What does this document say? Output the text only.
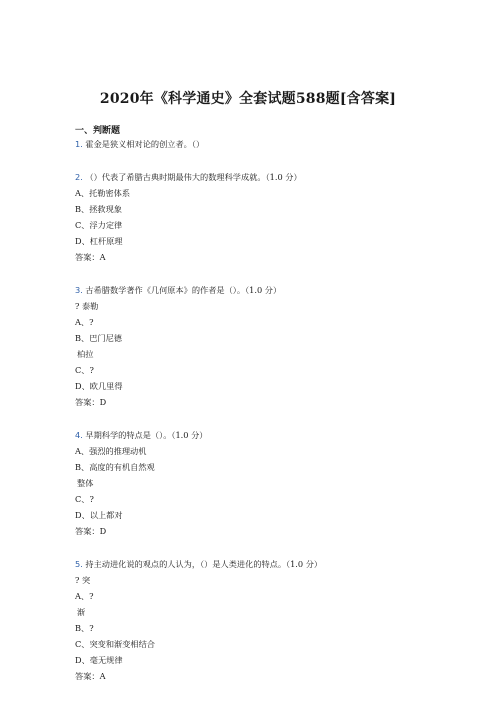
2020年《科学通史》全套试题588题[含答案]
一、判断题
1. 霍金是狭义相对论的创立者。（）
2. （）代表了希腊古典时期最伟大的数理科学成就。（1.0 分）
A、托勒密体系
B、拯救现象
C、浮力定律
D、杠杆原理
答案：A
3. 古希腊数学著作《几何原本》的作者是（）。（1.0 分）
? 泰勒
A、?
B、巴门尼德
柏拉
C、?
D、欧几里得
答案：D
4. 早期科学的特点是（）。（1.0 分）
A、强烈的推理动机
B、高度的有机自然观
整体
C、?
D、以上都对
答案：D
5. 持主动进化说的观点的人认为，（）是人类进化的特点。（1.0 分）
? 突
A、?
渐
B、?
C、突变和渐变相结合
D、毫无规律
答案：A
